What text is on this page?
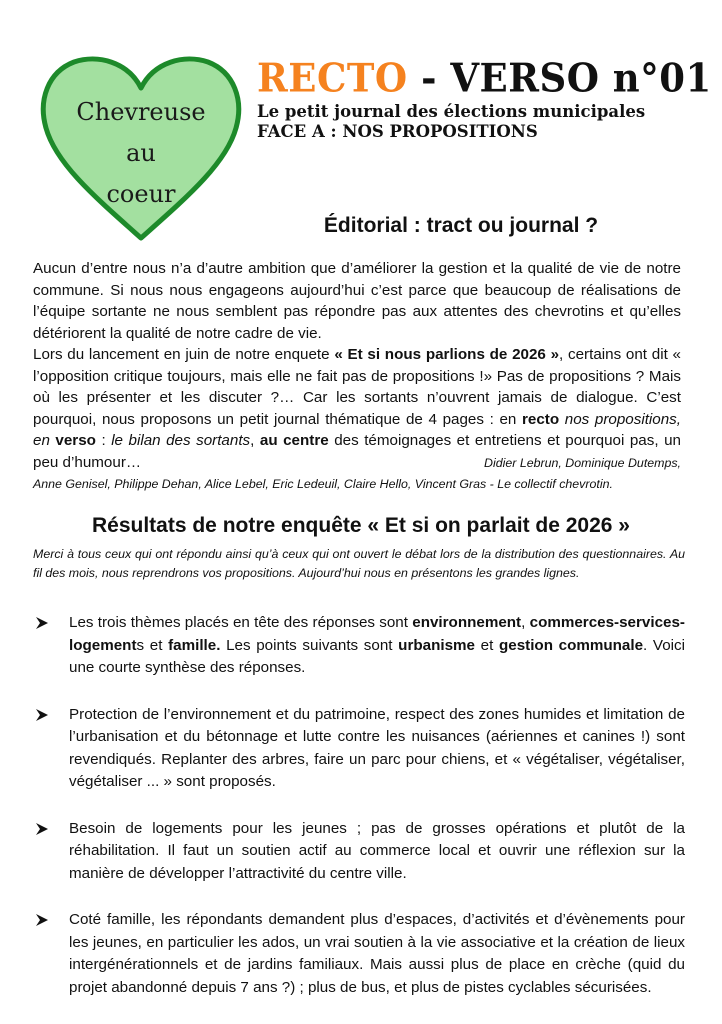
Chevreuse
au
coeur
RECTO - VERSO n°01
Le petit journal des élections municipales
FACE A : NOS PROPOSITIONS
Éditorial : tract ou journal ?

Aucun d’entre nous n’a d’autre ambition que d’améliorer la gestion et la qualité de vie de notre commune. Si nous nous engageons aujourd’hui c’est parce que beaucoup de réalisations de l’équipe sortante ne nous semblent pas répondre pas aux attentes des chevrotins et qu’elles détériorent la qualité de notre cadre de vie.

Lors du lancement en juin de notre enquete « Et si nous parlions de 2026 », certains ont dit « l’opposition critique toujours, mais elle ne fait pas de propositions !» Pas de propositions ? Mais où les présenter et les discuter ?… Car les sortants n’ouvrent jamais de dialogue. C’est pourquoi, nous proposons un petit journal thématique de 4 pages : en recto nos propositions, en verso : le bilan des sortants, au centre des témoignages et entretiens et pourquoi pas, un peu d’humour…	Didier Lebrun, Dominique Dutemps,

Anne Genisel, Philippe Dehan, Alice Lebel, Eric Ledeuil, Claire Hello, Vincent Gras - Le collectif chevrotin.

Résultats de notre enquête « Et si on parlait de 2026 »
Merci à tous ceux qui ont répondu ainsi qu’à ceux qui ont ouvert le débat lors de la distribution des questionnaires. Au fil des mois, nous reprendrons vos propositions. Aujourd’hui nous en présentons les grandes lignes.
Les trois thèmes placés en tête des réponses sont environnement, commerces-services-logements et famille. Les points suivants sont urbanisme et gestion communale. Voici une courte synthèse des réponses.
Protection de l’environnement et du patrimoine, respect des zones humides et limitation de l’urbanisation et du bétonnage et lutte contre les nuisances (aériennes et canines !) sont revendiqués. Replanter des arbres, faire un parc pour chiens, et « végétaliser, végétaliser, végétaliser ... » sont proposés.
Besoin de logements pour les jeunes ; pas de grosses opérations et plutôt de la réhabilitation. Il faut un soutien actif au commerce local et ouvrir une réflexion sur la manière de développer l’attractivité du centre ville.
Coté famille, les répondants demandent plus d’espaces, d’activités et d’évènements pour les jeunes, en particulier les ados, un vrai soutien à la vie associative et la création de lieux intergénérationnels et de jardins familiaux. Mais aussi plus de place en crèche (quid du projet abandonné depuis 7 ans ?) ; plus de bus, et plus de pistes cyclables sécurisées.
